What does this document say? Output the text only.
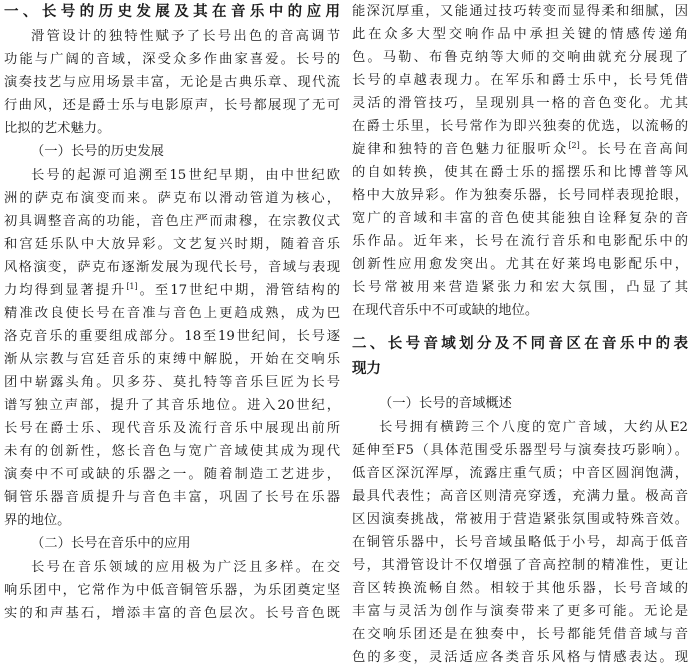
一、长号的历史发展及其在音乐中的应用
滑管设计的独特性赋予了长号出色的音高调节
功能与广阔的音域，深受众多作曲家喜爱。长号的
演奏技艺与应用场景丰富，无论是古典乐章、现代流
行曲风，还是爵士乐与电影原声，长号都展现了无可
比拟的艺术魅力。
（一）长号的历史发展
长号的起源可追溯至15世纪早期，由中世纪欧
洲的萨克布演变而来。萨克布以滑动管道为核心，
初具调整音高的功能，音色庄严而肃穆，在宗教仪式
和宫廷乐队中大放异彩。文艺复兴时期，随着音乐
风格演变，萨克布逐渐发展为现代长号，音域与表现
力均得到显著提升[1]。至17世纪中期，滑管结构的
精准改良使长号在音准与音色上更趋成熟，成为巴
洛克音乐的重要组成部分。18至19世纪间，长号逐
渐从宗教与宫廷音乐的束缚中解脱，开始在交响乐
团中崭露头角。贝多芬、莫扎特等音乐巨匠为长号
谱写独立声部，提升了其音乐地位。进入20世纪，
长号在爵士乐、现代音乐及流行音乐中展现出前所
未有的创新性，悠长音色与宽广音域使其成为现代
演奏中不可或缺的乐器之一。随着制造工艺进步，
铜管乐器音质提升与音色丰富，巩固了长号在乐器
界的地位。
（二）长号在音乐中的应用
长号在音乐领域的应用极为广泛且多样。在交
响乐团中，它常作为中低音铜管乐器，为乐团奠定坚
实的和声基石，增添丰富的音色层次。长号音色既
能深沉厚重，又能通过技巧转变而显得柔和细腻，因
此在众多大型交响作品中承担关键的情感传递角
色。马勒、布鲁克纳等大师的交响曲就充分展现了
长号的卓越表现力。在军乐和爵士乐中，长号凭借
灵活的滑管技巧，呈现别具一格的音色变化。尤其
在爵士乐里，长号常作为即兴独奏的优选，以流畅的
旋律和独特的音色魅力征服听众[2]。长号在音高间
的自如转换，使其在爵士乐的摇摆乐和比博普等风
格中大放异彩。作为独奏乐器，长号同样表现抢眼，
宽广的音域和丰富的音色使其能独自诠释复杂的音
乐作品。近年来，长号在流行音乐和电影配乐中的
创新性应用愈发突出。尤其在好莱坞电影配乐中，
长号常被用来营造紧张力和宏大氛围，凸显了其
在现代音乐中不可或缺的地位。
二、长号音域划分及不同音区在音乐中的表
现力
（一）长号的音域概述
长号拥有横跨三个八度的宽广音域，大约从E2
延伸至F5（具体范围受乐器型号与演奏技巧影响）。
低音区深沉浑厚，流露庄重气质；中音区圆润饱满，
最具代表性；高音区则清亮穿透，充满力量。极高音
区因演奏挑战，常被用于营造紧张氛围或特殊音效。
在铜管乐器中，长号音域虽略低于小号，却高于低音
号，其滑管设计不仅增强了音高控制的精准性，更让
音区转换流畅自然。相较于其他乐器，长号音域的
丰富与灵活为创作与演奏带来了更多可能。无论是
在交响乐团还是在独奏中，长号都能凭借音域与音
色的多变，灵活适应各类音乐风格与情感表达。现
